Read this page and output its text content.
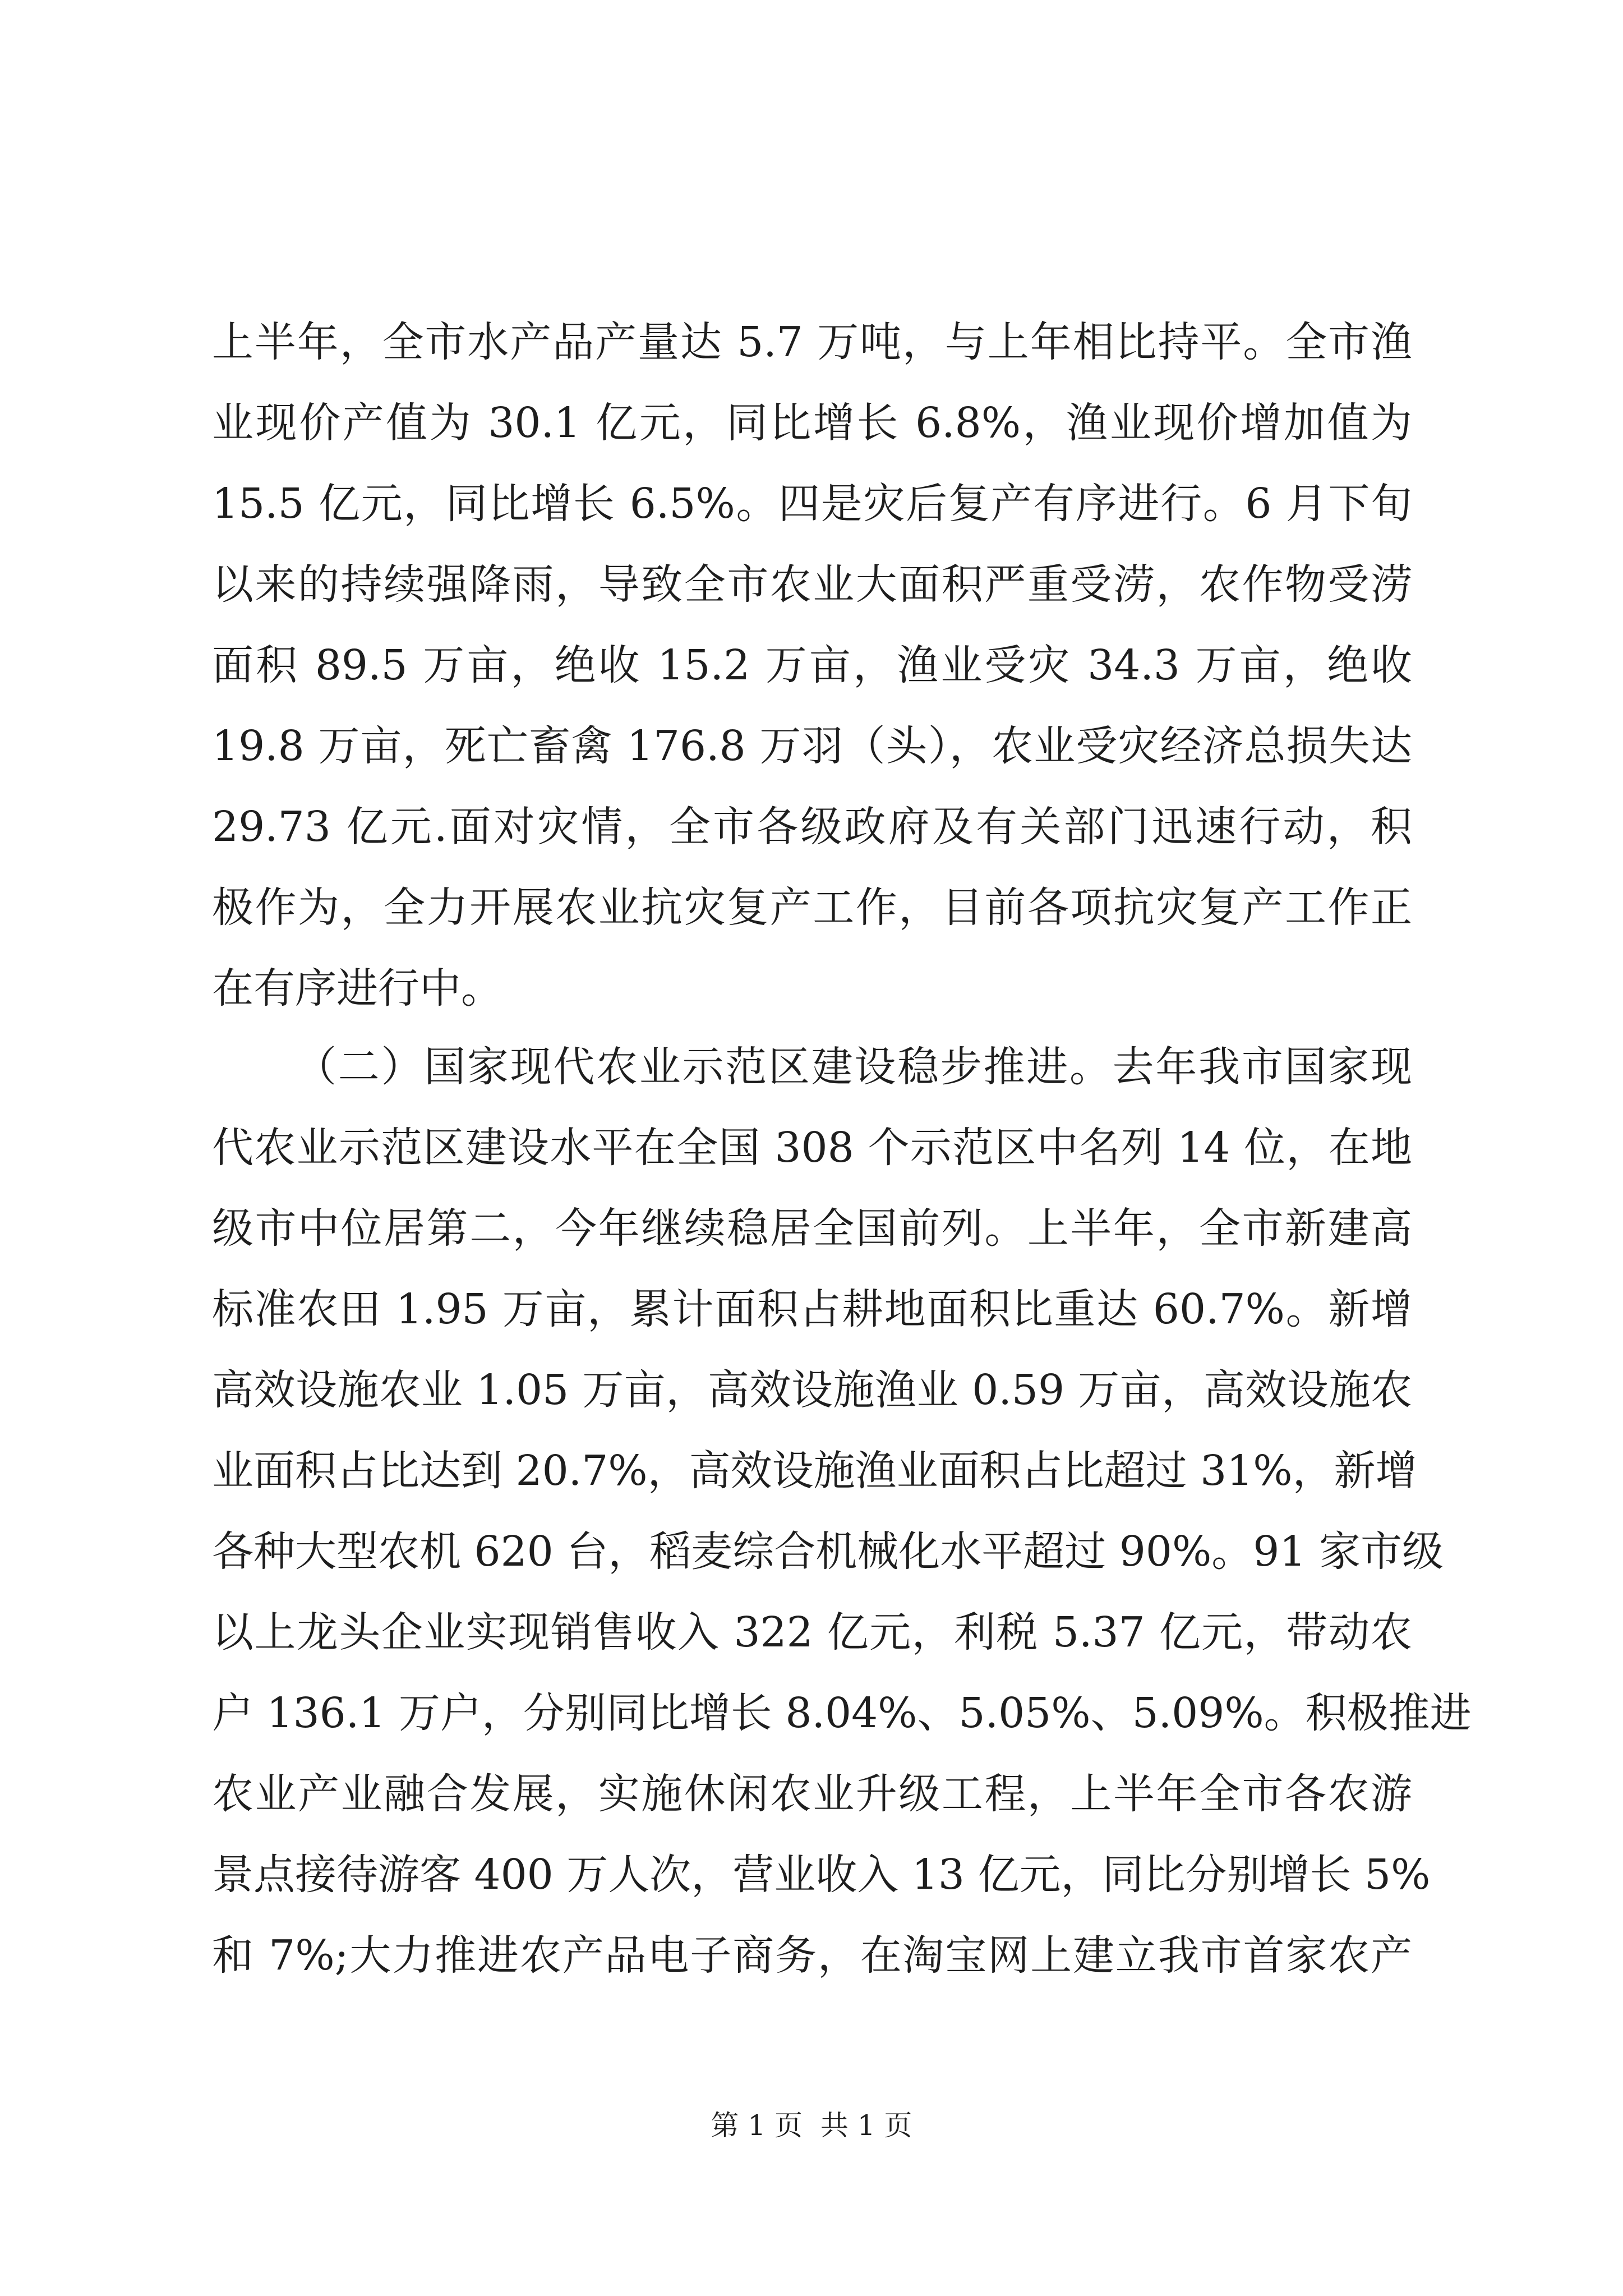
上半年，全市水产品产量达 5.7 万吨，与上年相比持平。全市渔
业现价产值为 30.1 亿元，同比增长 6.8%，渔业现价增加值为
15.5 亿元，同比增长 6.5%。四是灾后复产有序进行。6 月下旬
以来的持续强降雨，导致全市农业大面积严重受涝，农作物受涝
面积 89.5 万亩，绝收 15.2 万亩，渔业受灾 34.3 万亩，绝收
19.8 万亩，死亡畜禽 176.8 万羽（头），农业受灾经济总损失达
29.73 亿元.面对灾情，全市各级政府及有关部门迅速行动，积
极作为，全力开展农业抗灾复产工作，目前各项抗灾复产工作正
在有序进行中。
（二）国家现代农业示范区建设稳步推进。去年我市国家现
代农业示范区建设水平在全国 308 个示范区中名列 14 位，在地
级市中位居第二，今年继续稳居全国前列。上半年，全市新建高
标准农田 1.95 万亩，累计面积占耕地面积比重达 60.7%。新增
高效设施农业 1.05 万亩，高效设施渔业 0.59 万亩，高效设施农
业面积占比达到 20.7%，高效设施渔业面积占比超过 31%，新增
各种大型农机 620 台，稻麦综合机械化水平超过 90%。91 家市级
以上龙头企业实现销售收入 322 亿元，利税 5.37 亿元，带动农
户 136.1 万户，分别同比增长 8.04%、5.05%、5.09%。积极推进
农业产业融合发展，实施休闲农业升级工程，上半年全市各农游
景点接待游客 400 万人次，营业收入 13 亿元，同比分别增长 5%
和 7%;大力推进农产品电子商务，在淘宝网上建立我市首家农产
第 1 页  共 1 页
